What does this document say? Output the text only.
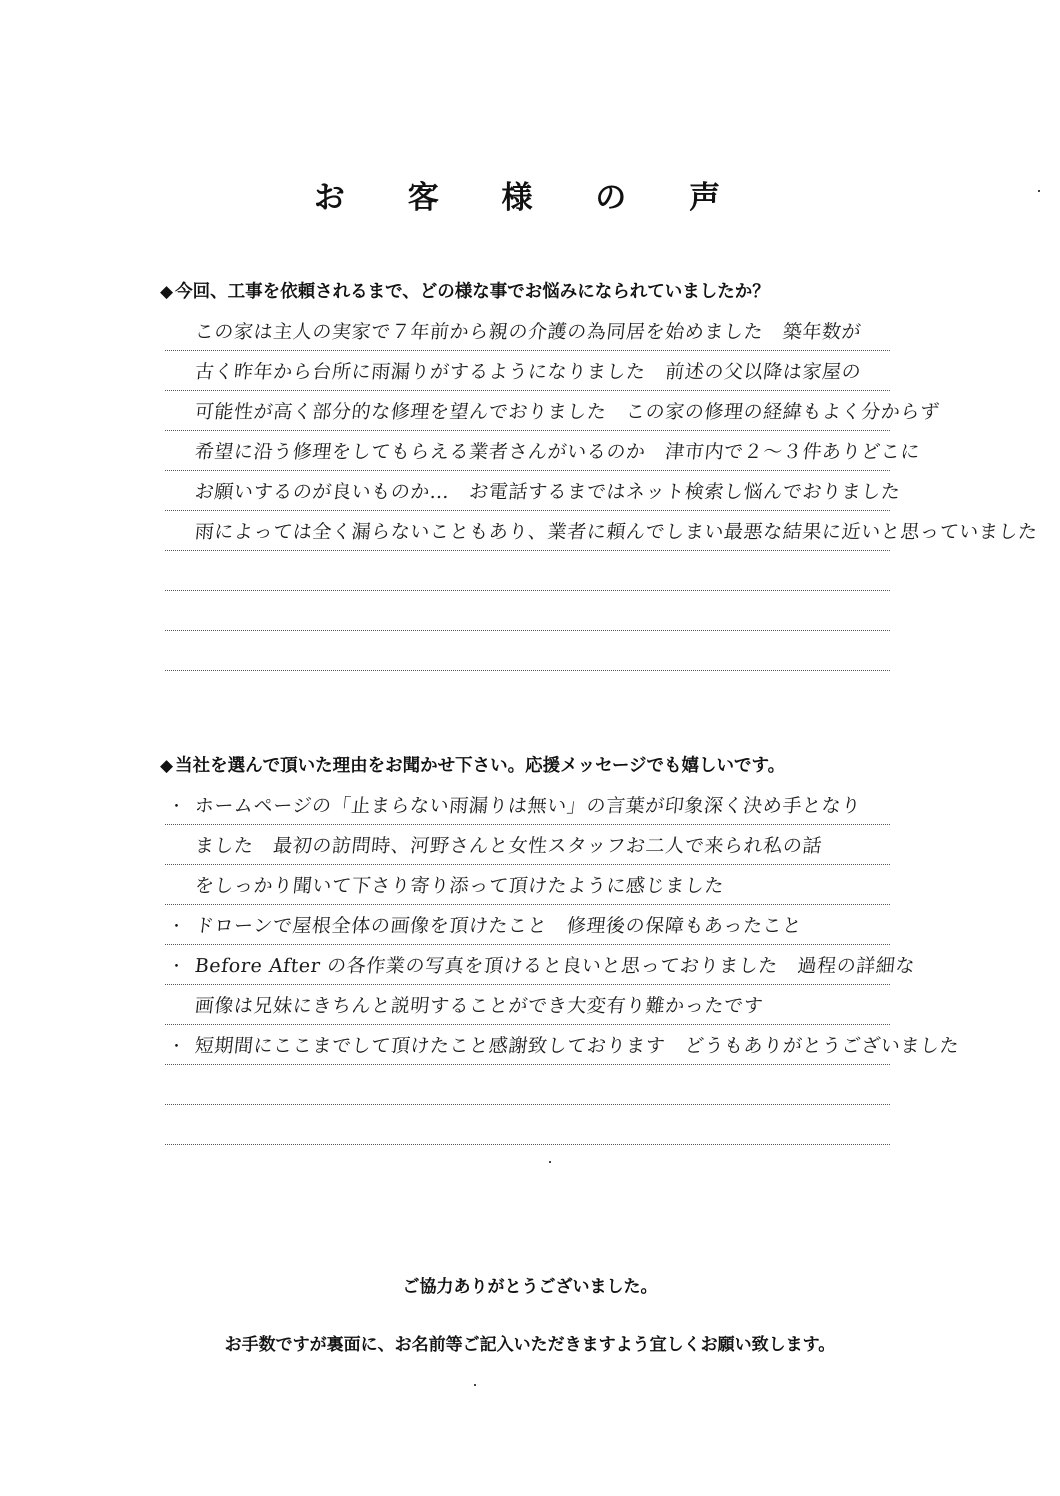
お 客 様 の 声
◆ 今回、工事を依頼されるまで、どの様な事でお悩みになられていましたか？
この家は主人の実家で７年前から親の介護の為同居を始めました　築年数が
古く昨年から台所に雨漏りがするようになりました　前述の父以降は家屋の
可能性が高く部分的な修理を望んでおりました　この家の修理の経緯もよく分からず
希望に沿う修理をしてもらえる業者さんがいるのか　津市内で２〜３件ありどこに
お願いするのが良いものか…　お電話するまではネット検索し悩んでおりました
雨によっては全く漏らないこともあり、業者に頼んでしまい最悪な結果に近いと思っていました
◆ 当社を選んで頂いた理由をお聞かせ下さい。応援メッセージでも嬉しいです。
・ ホームページの「止まらない雨漏りは無い」の言葉が印象深く決め手となり
ました　最初の訪問時、河野さんと女性スタッフお二人で来られ私の話
をしっかり聞いて下さり寄り添って頂けたように感じました
・ ドローンで屋根全体の画像を頂けたこと　修理後の保障もあったこと
・ Before After の各作業の写真を頂けると良いと思っておりました　過程の詳細な
画像は兄妹にきちんと説明することができ大変有り難かったです
・ 短期間にここまでして頂けたこと感謝致しております　どうもありがとうございました
ご協力ありがとうございました。
お手数ですが裏面に、お名前等ご記入いただきますよう宜しくお願い致します。
